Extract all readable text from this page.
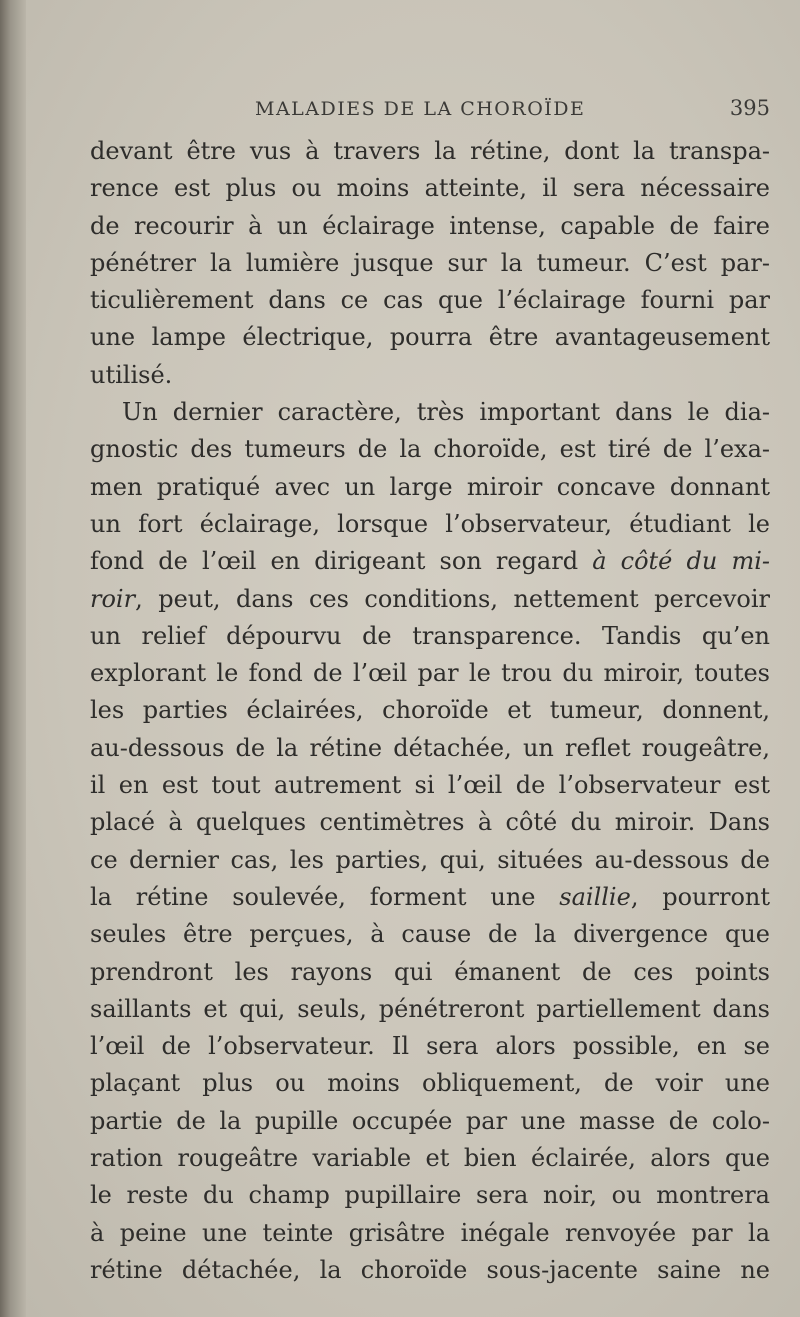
MALADIES DE LA CHOROÏDE	395
devant être vus à travers la rétine, dont la transpa-
rence est plus ou moins atteinte, il sera nécessaire
de recourir à un éclairage intense, capable de faire
pénétrer la lumière jusque sur la tumeur. C’est par-
ticulièrement dans ce cas que l’éclairage fourni par
une lampe électrique, pourra être avantageusement
utilisé.
Un dernier caractère, très important dans le dia-
gnostic des tumeurs de la choroïde, est tiré de l’exa-
men pratiqué avec un large miroir concave donnant
un fort éclairage, lorsque l’observateur, étudiant le
fond de l’œil en dirigeant son regard à côté du mi-
roir, peut, dans ces conditions, nettement percevoir
un relief dépourvu de transparence. Tandis qu’en
explorant le fond de l’œil par le trou du miroir, toutes
les parties éclairées, choroïde et tumeur, donnent,
au-dessous de la rétine détachée, un reflet rougeâtre,
il en est tout autrement si l’œil de l’observateur est
placé à quelques centimètres à côté du miroir. Dans
ce dernier cas, les parties, qui, situées au-dessous de
la rétine soulevée, forment une saillie, pourront
seules être perçues, à cause de la divergence que
prendront les rayons qui émanent de ces points
saillants et qui, seuls, pénétreront partiellement dans
l’œil de l’observateur. Il sera alors possible, en se
plaçant plus ou moins obliquement, de voir une
partie de la pupille occupée par une masse de colo-
ration rougeâtre variable et bien éclairée, alors que
le reste du champ pupillaire sera noir, ou montrera
à peine une teinte grisâtre inégale renvoyée par la
rétine détachée, la choroïde sous-jacente saine ne
